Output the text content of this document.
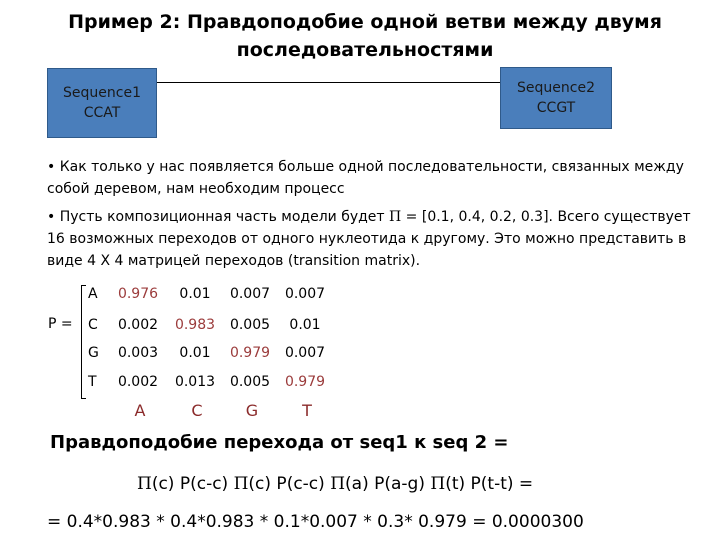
Пример 2: Правдоподобие одной ветви между двумя последовательностями
Sequence1
CCAT
Sequence2
CCGT
• Как только у нас появляется больше одной последовательности, связанных между собой деревом, нам необходим процесс
• Пусть композиционная часть модели будет Π = [0.1, 0.4, 0.2, 0.3]. Всего существует 16 возможных переходов от одного нуклеотида к другому. Это можно представить в виде 4 X 4 матрицей переходов (transition matrix).
P =
A	0.976	0.01	0.007	0.007
C	0.002	0.983	0.005	0.01
G	0.003	0.01	0.979	0.007
T	0.002	0.013	0.005	0.979
A	C	G	T
Правдоподобие перехода от seq1 к seq 2 =
Π(c) P(c-c) Π(c) P(c-c) Π(a) P(a-g) Π(t) P(t-t) =
= 0.4*0.983 * 0.4*0.983 * 0.1*0.007 * 0.3* 0.979 = 0.0000300
